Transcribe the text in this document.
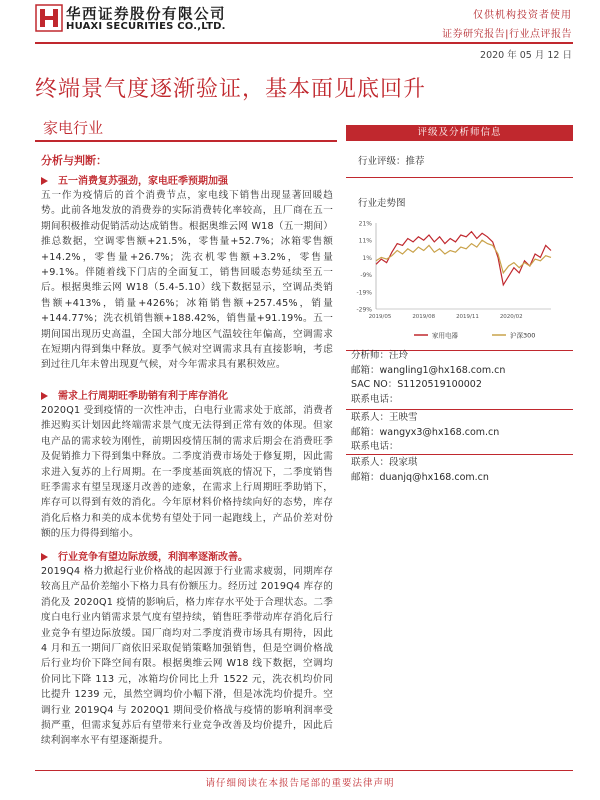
华西证券股份有限公司
HUAXI SECURITIES CO.,LTD.
仅供机构投资者使用
证券研究报告|行业点评报告
2020 年 05 月 12 日
终端景气度逐渐验证，基本面见底回升
家电行业
分析与判断：
五一消费复苏强劲，家电旺季预期加强
五一作为疫情后的首个消费节点，家电线下销售出现显著回暖趋势。此前各地发放的消费券的实际消费转化率较高，且厂商在五一期间积极推动促销活动达成销售。根据奥维云网 W18（五一期间）推总数据，空调零售额+21.5%，零售量+52.7%；冰箱零售额+14.2%，零售量+26.7%；洗衣机零售额+3.2%，零售量+9.1%。伴随着线下门店的全面复工，销售回暖态势延续至五一后。根据奥维云网 W18（5.4-5.10）线下数据显示，空调品类销售额+413%，销量+426%；冰箱销售额+257.45%，销量+144.77%；洗衣机销售额+188.42%，销售量+91.19%。五一期间国出现历史高温，全国大部分地区气温较往年偏高，空调需求在短期内得到集中释放。夏季气候对空调需求具有直接影响，考虑到过往几年未曾出现夏气候，对今年需求具有累积效应。
需求上行周期旺季助销有利于库存消化
2020Q1 受到疫情的一次性冲击，白电行业需求处于底部，消费者推迟购买计划因此终端需求景气度无法得到正常有效的体现。但家电产品的需求较为刚性，前期因疫情压制的需求后期会在消费旺季及促销推力下得到集中释放。二季度消费市场处于修复期，因此需求进入复苏的上行周期。在一季度基面筑底的情况下，二季度销售旺季需求有望呈现逐月改善的迹象，在需求上行周期旺季助销下，库存可以得到有效的消化。今年原材料价格持续向好的态势，库存消化后格力和美的成本优势有望处于同一起跑线上，产品价差对份额的压力得得到缩小。
行业竞争有望边际放缓，利润率逐渐改善。
2019Q4 格力掀起行业价格战的起因源于行业需求疲弱，同期库存较高且产品价差缩小下格力具有份额压力。经历过 2019Q4 库存的消化及 2020Q1 疫情的影响后，格力库存水平处于合理状态。二季度白电行业内销需求景气度有望持续，销售旺季带动库存消化后行业竞争有望边际放缓。国厂商均对二季度消费市场具有期待，因此 4 月和五一期间厂商依旧采取促销策略加强销售，但是空调价格战后行业均价下降空间有限。根据奥维云网 W18 线下数据，空调均价同比下降 113 元，冰箱均价同比上升 1522 元，洗衣机均价同比提升 1239 元，虽然空调均价小幅下滑，但是冰洗均价提升。空调行业 2019Q4 与 2020Q1 期间受价格战与疫情的影响利润率受损严重，但需求复苏后有望带来行业竞争改善及均价提升，因此后续利润率水平有望逐渐提升。
评级及分析师信息
行业评级：推荐
行业走势图
21%
11%
1%
-9%
-19%
-29%
2019/05	2019/08	2019/11	2020/02
家用电器	沪深300
分析师：汪玲
邮箱：wangling1@hx168.com.cn
SAC NO：S1120519100002
联系电话：
联系人：王映雪
邮箱：wangyx3@hx168.com.cn
联系电话：
联系人：段家琪
邮箱：duanjq@hx168.com.cn
请仔细阅读在本报告尾部的重要法律声明
